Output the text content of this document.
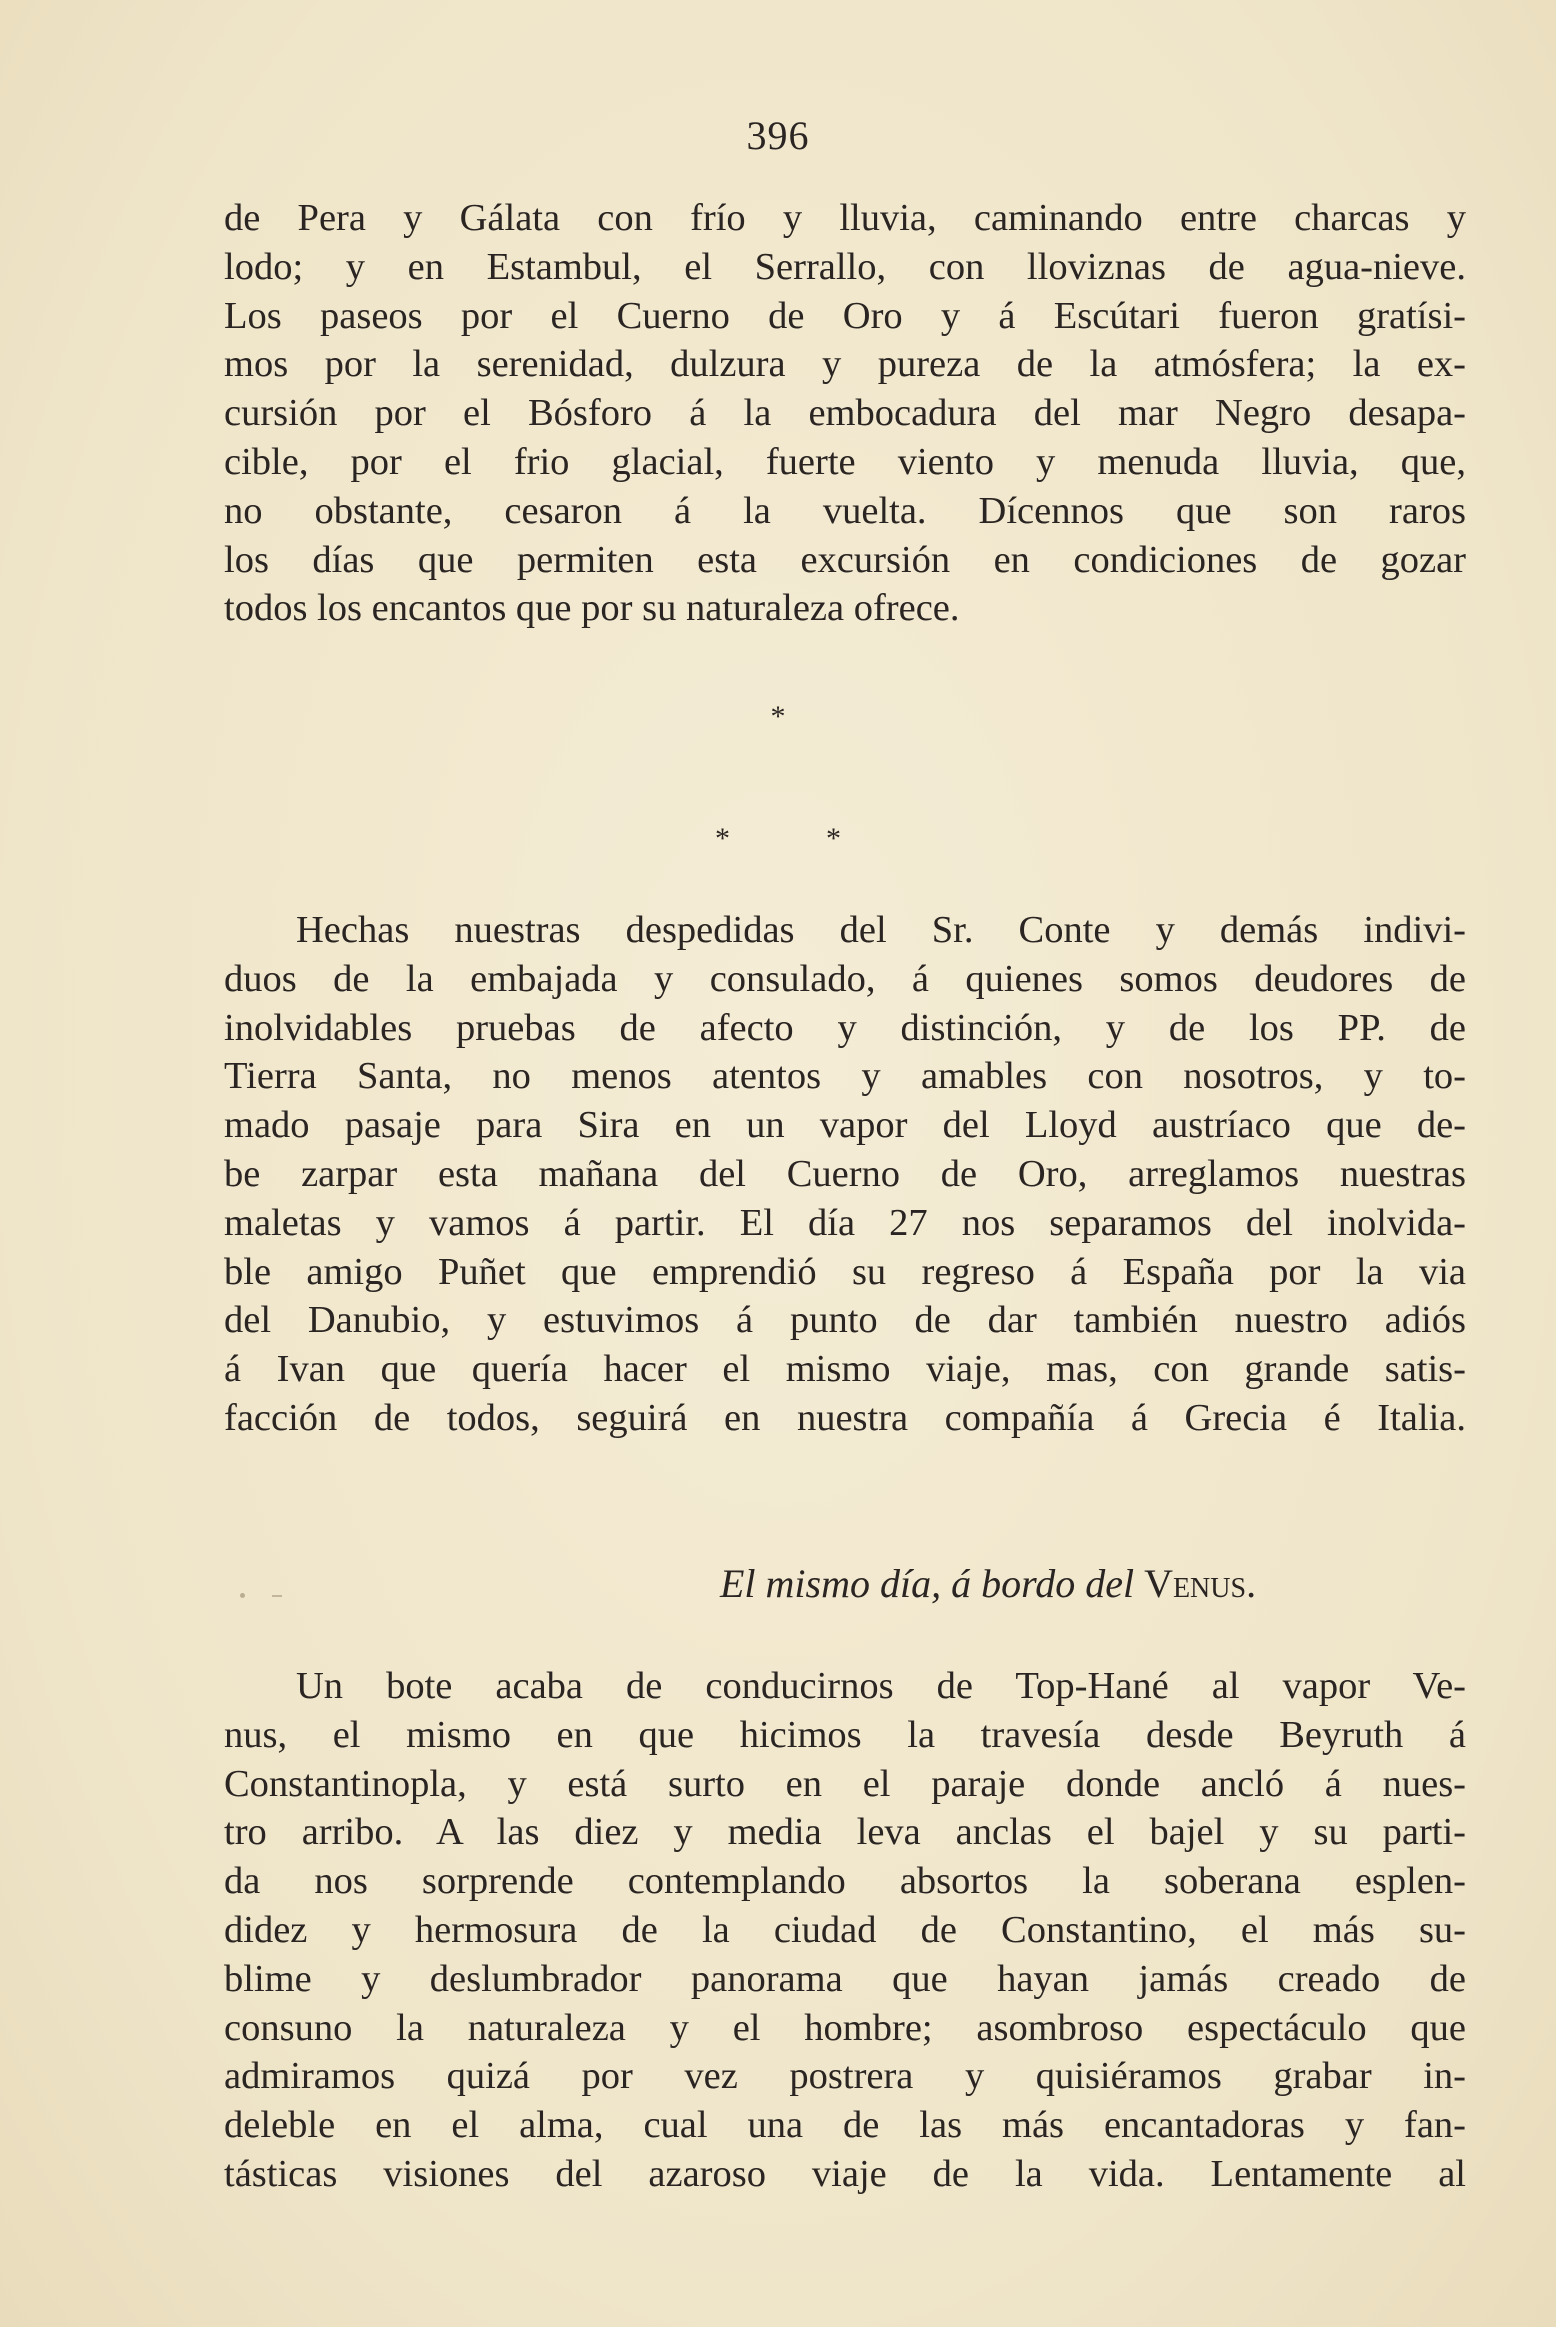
396
de Pera y Gálata con frío y lluvia, caminando entre charcas y
lodo; y en Estambul, el Serrallo, con lloviznas de agua-nieve.
Los paseos por el Cuerno de Oro y á Escútari fueron gratísi-
mos por la serenidad, dulzura y pureza de la atmósfera; la ex-
cursión por el Bósforo á la embocadura del mar Negro desapa-
cible, por el frio glacial, fuerte viento y menuda lluvia, que,
no obstante, cesaron á la vuelta. Dícennos que son raros
los días que permiten esta excursión en condiciones de gozar
todos los encantos que por su naturaleza ofrece.
*
*	*
Hechas nuestras despedidas del Sr. Conte y demás indivi-
duos de la embajada y consulado, á quienes somos deudores de
inolvidables pruebas de afecto y distinción, y de los PP. de
Tierra Santa, no menos atentos y amables con nosotros, y to-
mado pasaje para Sira en un vapor del Lloyd austríaco que de-
be zarpar esta mañana del Cuerno de Oro, arreglamos nuestras
maletas y vamos á partir. El día 27 nos separamos del inolvida-
ble amigo Puñet que emprendió su regreso á España por la via
del Danubio, y estuvimos á punto de dar también nuestro adiós
á Ivan que quería hacer el mismo viaje, mas, con grande satis-
facción de todos, seguirá en nuestra compañía á Grecia é Italia.
El mismo día, á bordo del Venus.
Un bote acaba de conducirnos de Top-Hané al vapor Ve-
nus, el mismo en que hicimos la travesía desde Beyruth á
Constantinopla, y está surto en el paraje donde ancló á nues-
tro arribo. A las diez y media leva anclas el bajel y su parti-
da nos sorprende contemplando absortos la soberana esplen-
didez y hermosura de la ciudad de Constantino, el más su-
blime y deslumbrador panorama que hayan jamás creado de
consuno la naturaleza y el hombre; asombroso espectáculo que
admiramos quizá por vez postrera y quisiéramos grabar in-
deleble en el alma, cual una de las más encantadoras y fan-
tásticas visiones del azaroso viaje de la vida. Lentamente al
